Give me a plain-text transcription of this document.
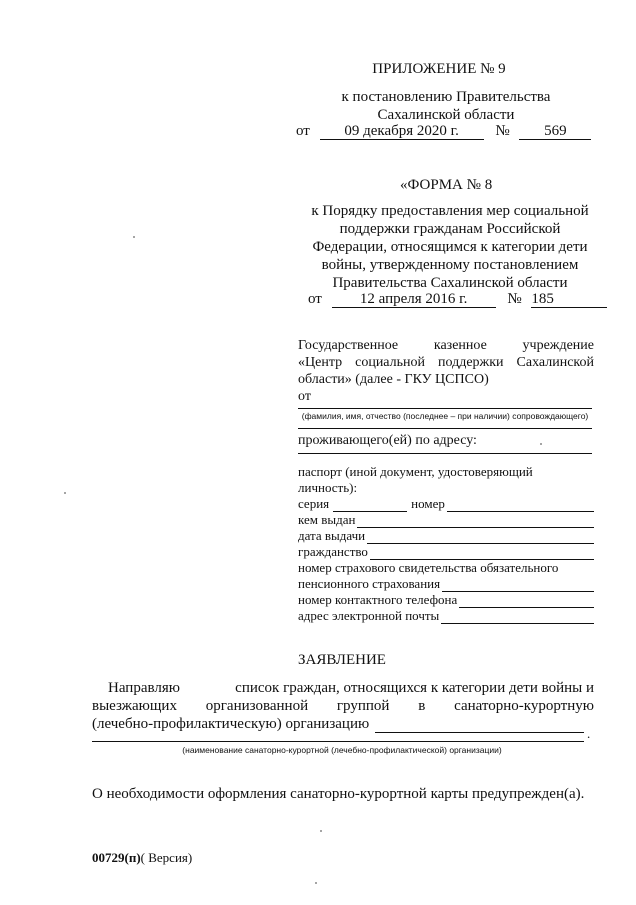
ПРИЛОЖЕНИЕ № 9
к постановлению Правительства
Сахалинской области
от 09 декабря 2020 г. № 569
«ФОРМА № 8
к Порядку предоставления мер социальной
поддержки гражданам Российской
Федерации, относящимся к категории дети
войны, утвержденному постановлением
Правительства Сахалинской области
от	12 апреля 2016 г.	№ 185
Государственное	казенное	учреждение
«Центр социальной поддержки Сахалинской
области» (далее - ГКУ ЦСПСО)
от
(фамилия, имя, отчество (последнее – при наличии) сопровождающего)
проживающего(ей) по адресу:
паспорт (иной документ, удостоверяющий личность):
серия	номер
кем выдан
дата выдачи
гражданство
номер страхового свидетельства обязательного
пенсионного страхования
номер контактного телефона
адрес электронной почты
ЗАЯВЛЕНИЕ
Направляю	список граждан, относящихся к категории дети войны и
выезжающих организованной группой в санаторно-курортную
(лечебно-профилактическую) организацию
.
(наименование санаторно-курортной (лечебно-профилактической) организации)
О необходимости оформления санаторно-курортной карты предупрежден(а).
00729(п)( Версия)
